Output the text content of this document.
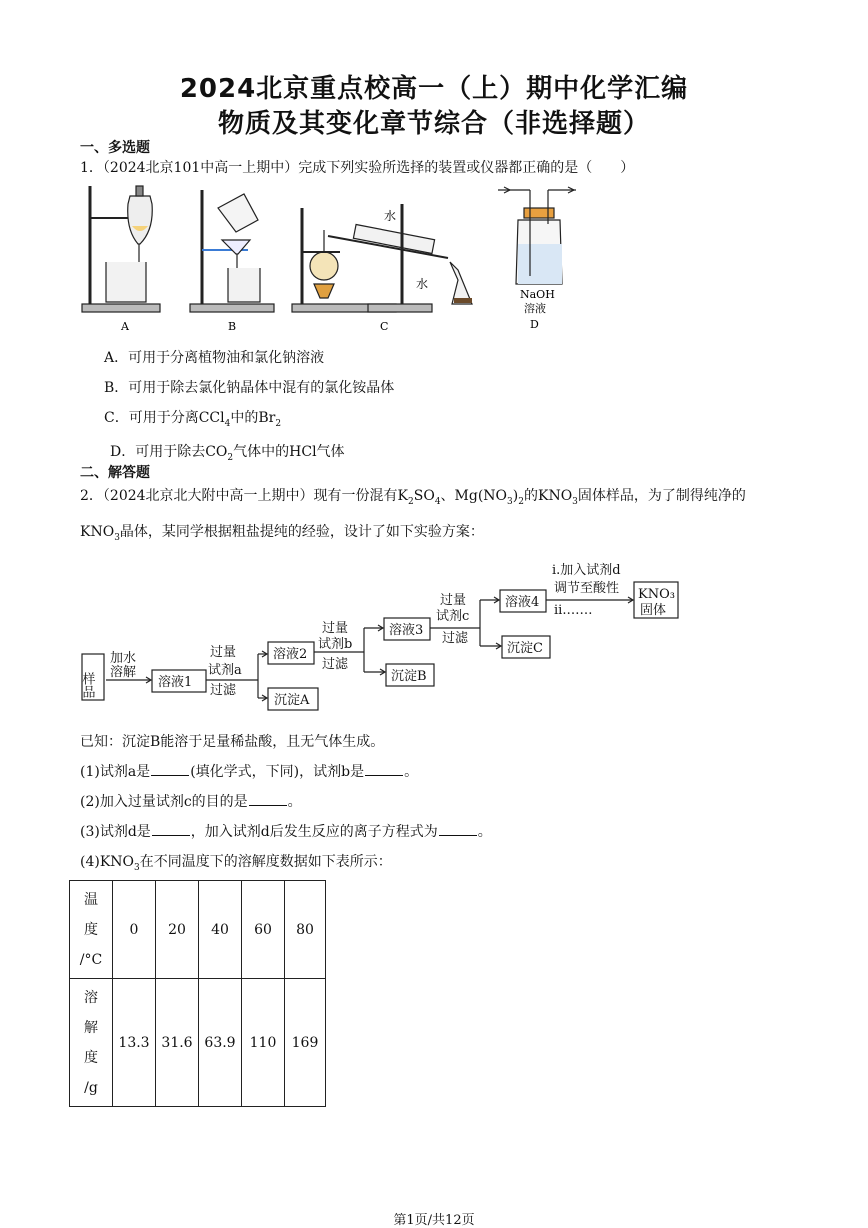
2024北京重点校高一（上）期中化学汇编
物质及其变化章节综合（非选择题）
一、多选题
1．（2024北京101中高一上期中）完成下列实验所选择的装置或仪器都正确的是（　　）
A	B	C
水
水
NaOH
溶液
D
A．可用于分离植物油和氯化钠溶液
B．可用于除去氯化钠晶体中混有的氯化铵晶体
C．可用于分离CCl$_4$中的$Br_2$
D．可用于除去$CO_2$气体中的HCl气体
二、解答题
2．（2024北京北大附中高一上期中）现有一份混有$K_2SO_4$、$Mg(NO_3)_2$的$KNO_3$固体样品，为了制得纯净的
$KNO_3$晶体，某同学根据粗盐提纯的经验，设计了如下实验方案：
样品
加水
溶解
溶液1
过量
试剂a
过滤
溶液2
沉淀A
过量
试剂b
过滤
溶液3
沉淀B
过量
试剂c
过滤
溶液4
沉淀C
i.加入试剂d
调节至酸性
ii.……
KNO₃
固体
已知：沉淀B能溶于足量稀盐酸，且无气体生成。
(1)试剂a是	(填化学式，下同)，试剂b是	。
(2)加入过量试剂c的目的是	。
(3)试剂d是	，加入试剂d后发生反应的离子方程式为	。
$(4)KNO_3$在不同温度下的溶解度数据如下表所示：
温
度
/°C	0	20	40	60	80

溶
解
度
/g	13.3	31.6	63.9	110	169
第1页/共12页
